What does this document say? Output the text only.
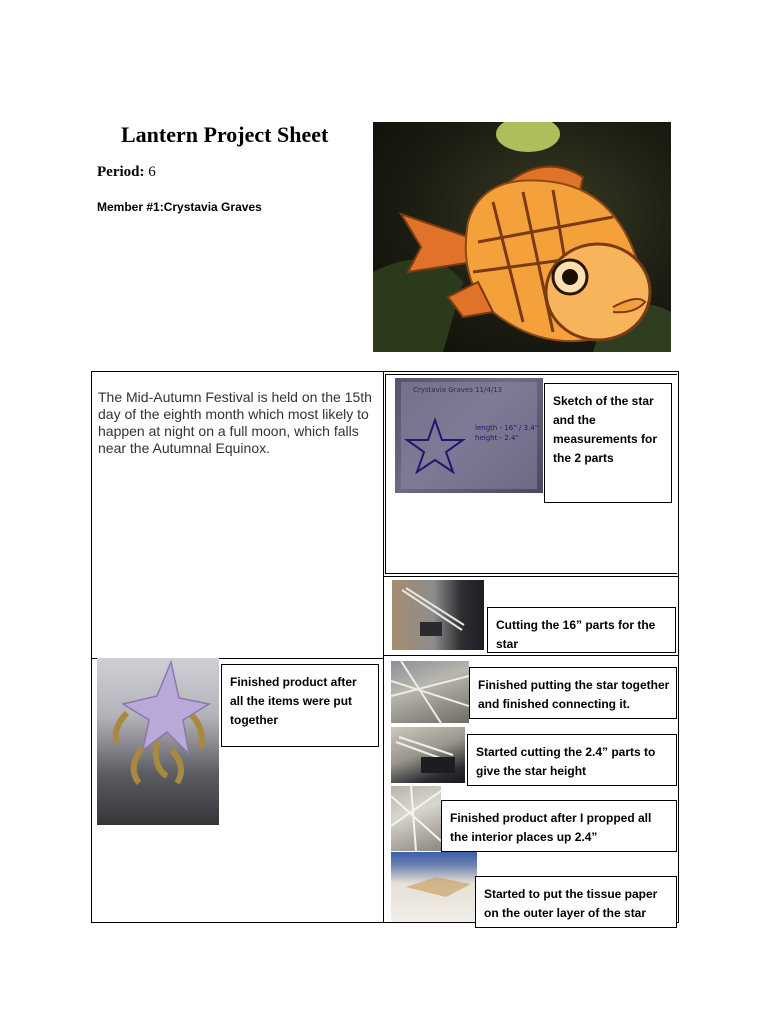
Lantern Project Sheet
Period: 6
Member #1:Crystavia Graves
The Mid-Autumn Festival is held on the 15th day of the eighth month which most likely to happen at night on a full moon, which falls near the Autumnal Equinox.
Crystavia Graves 11/4/13
length - 16” / 3.4”
height - 2.4”
Sketch of the star and the measurements for the 2 parts
Cutting the 16” parts for the star
Finished product after all the items were put together
Finished putting the star together and finished connecting it.
Started cutting the 2.4” parts to give the star height
Finished product after I propped all the interior places up 2.4”
Started to put the tissue paper on the outer layer of the star
